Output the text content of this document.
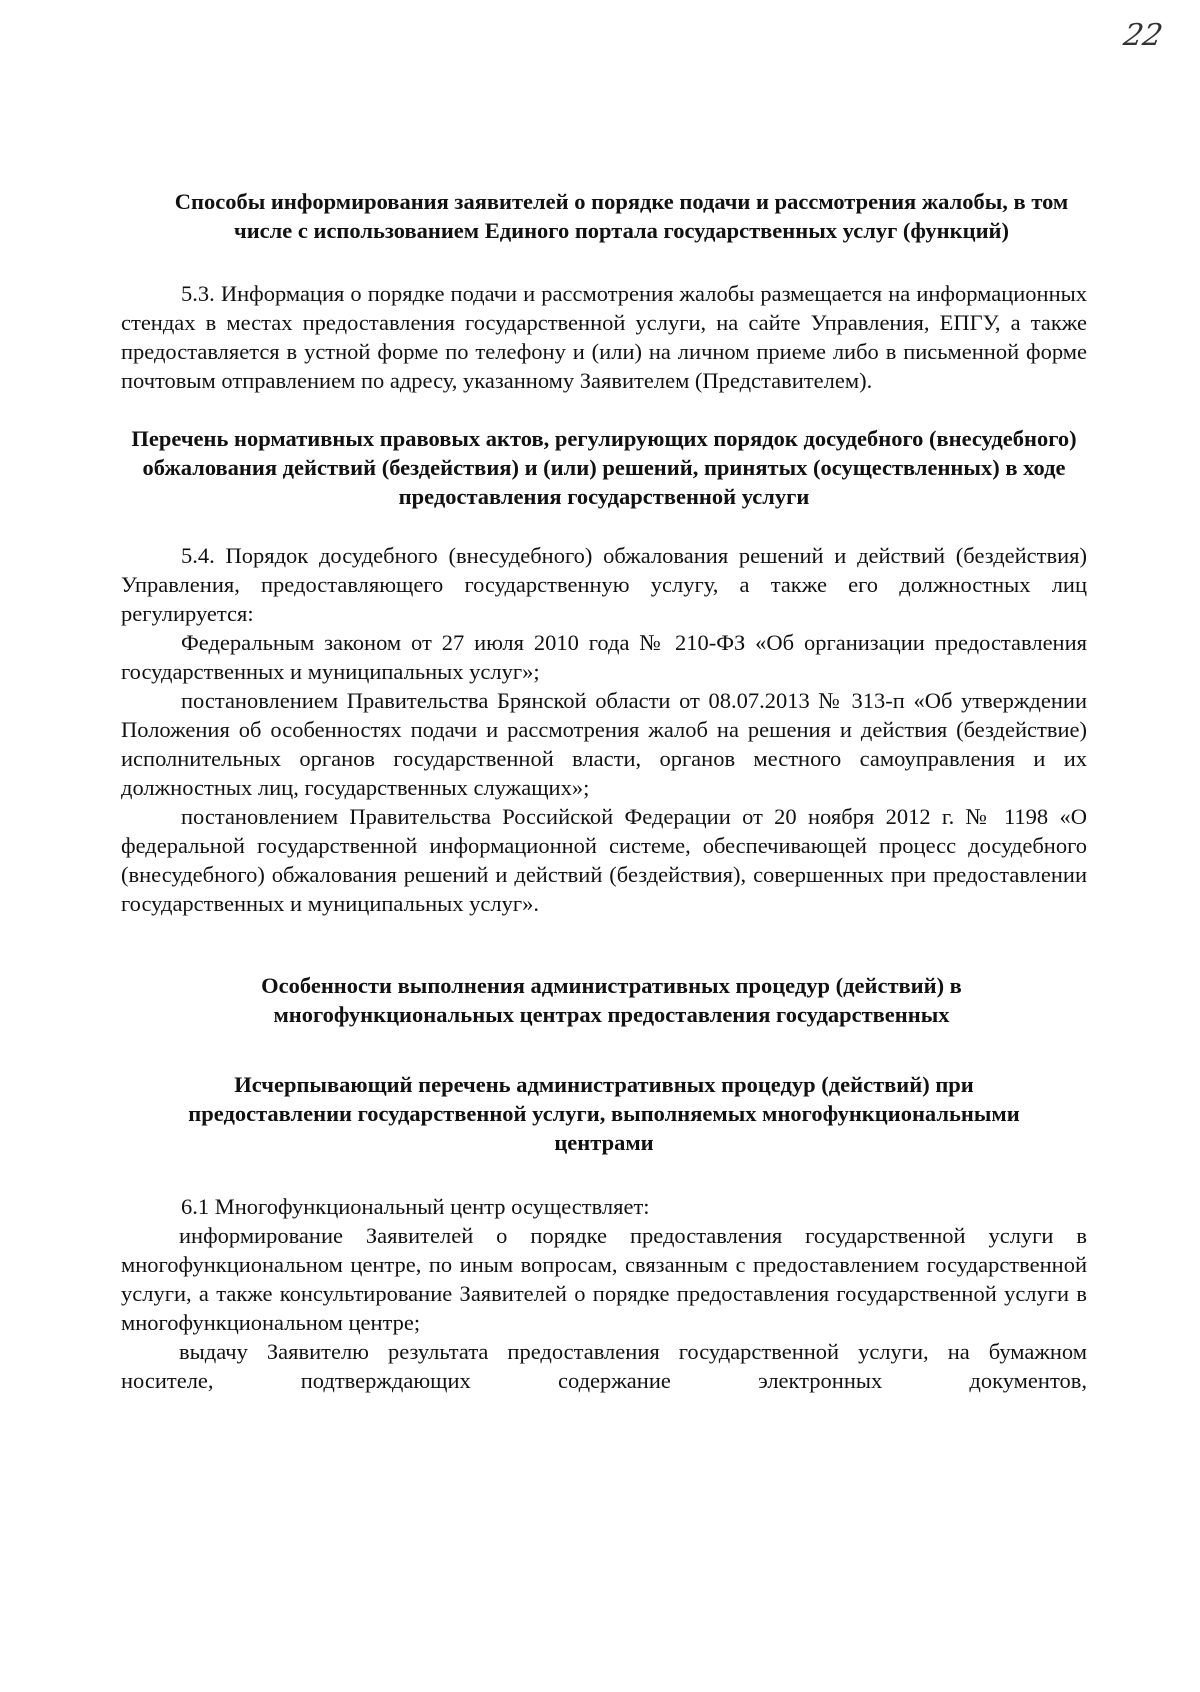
22

Способы информирования заявителей о порядке подачи и рассмотрения жалобы, в том числе с использованием Единого портала государственных услуг (функций)

5.3. Информация о порядке подачи и рассмотрения жалобы размещается на информационных стендах в местах предоставления государственной услуги, на сайте Управления, ЕПГУ, а также предоставляется в устной форме по телефону и (или) на личном приеме либо в письменной форме почтовым отправлением по адресу, указанному Заявителем (Представителем).

Перечень нормативных правовых актов, регулирующих порядок досудебного (внесудебного) обжалования действий (бездействия) и (или) решений, принятых (осуществленных) в ходе предоставления государственной услуги

5.4. Порядок досудебного (внесудебного) обжалования решений и действий (бездействия) Управления, предоставляющего государственную услугу, а также его должностных лиц регулируется:

Федеральным законом от 27 июля 2010 года № 210-ФЗ «Об организации предоставления государственных и муниципальных услуг»;

постановлением Правительства Брянской области от 08.07.2013 № 313-п «Об утверждении Положения об особенностях подачи и рассмотрения жалоб на решения и действия (бездействие) исполнительных органов государственной власти, органов местного самоуправления и их должностных лиц, государственных служащих»;

постановлением Правительства Российской Федерации от 20 ноября 2012 г. № 1198 «О федеральной государственной информационной системе, обеспечивающей процесс досудебного (внесудебного) обжалования решений и действий (бездействия), совершенных при предоставлении государственных и муниципальных услуг».

Особенности выполнения административных процедур (действий) в многофункциональных центрах предоставления государственных

Исчерпывающий перечень административных процедур (действий) при предоставлении государственной услуги, выполняемых многофункциональными центрами

6.1 Многофункциональный центр осуществляет:

информирование Заявителей о порядке предоставления государственной услуги в многофункциональном центре, по иным вопросам, связанным с предоставлением государственной услуги, а также консультирование Заявителей о порядке предоставления государственной услуги в многофункциональном центре;

выдачу Заявителю результата предоставления государственной услуги, на бумажном носителе, подтверждающих содержание электронных документов,
